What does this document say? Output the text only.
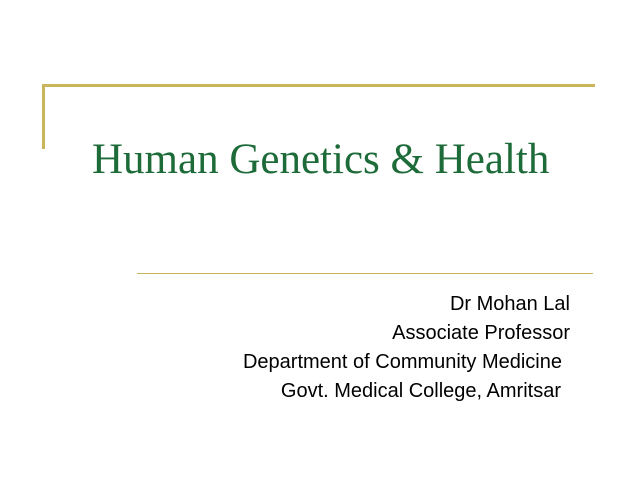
Human Genetics & Health
Dr Mohan Lal
Associate Professor
Department of Community Medicine
Govt. Medical College, Amritsar
